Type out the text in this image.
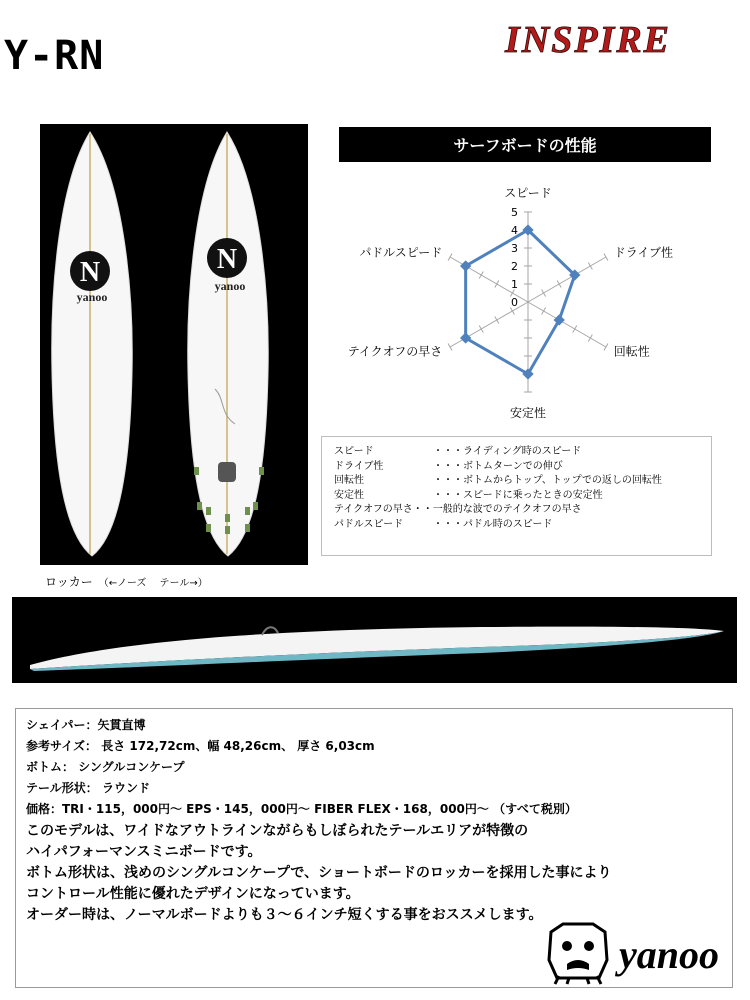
Y-RN	INSPIRE
N
yanoo
N
yanoo
サーフボードの性能
0
1
2
3
4
5
スピード
ドライブ性
回転性
安定性
テイクオフの早さ
パドルスピード
スピード	・・・ライディング時のスピード
ドライブ性	・・・ボトムターンでの伸び
回転性	・・・ボトムからトップ、トップでの返しの回転性
安定性	・・・スピードに乗ったときの安定性
テイクオフの早さ・・一般的な波でのテイクオフの早さ
パドルスピード	・・・パドル時のスピード
ロッカー （←ノーズ　 テール→）
シェイパー：矢貫直博
参考サイズ： 長さ 172,72cm、幅 48,26cm、 厚さ 6,03cm
ボトム： シングルコンケープ
テール形状： ラウンド
価格：TRI・115，000円～ EPS・145，000円～ FIBER FLEX・168，000円～ （すべて税別）
このモデルは、ワイドなアウトラインながらもしぼられたテールエリアが特徴の
ハイパフォーマンスミニボードです。
ボトム形状は、浅めのシングルコンケープで、ショートボードのロッカーを採用した事により
コントロール性能に優れたデザインになっています。
オーダー時は、ノーマルボードよりも３～６インチ短くする事をおススメします。
yanoo
